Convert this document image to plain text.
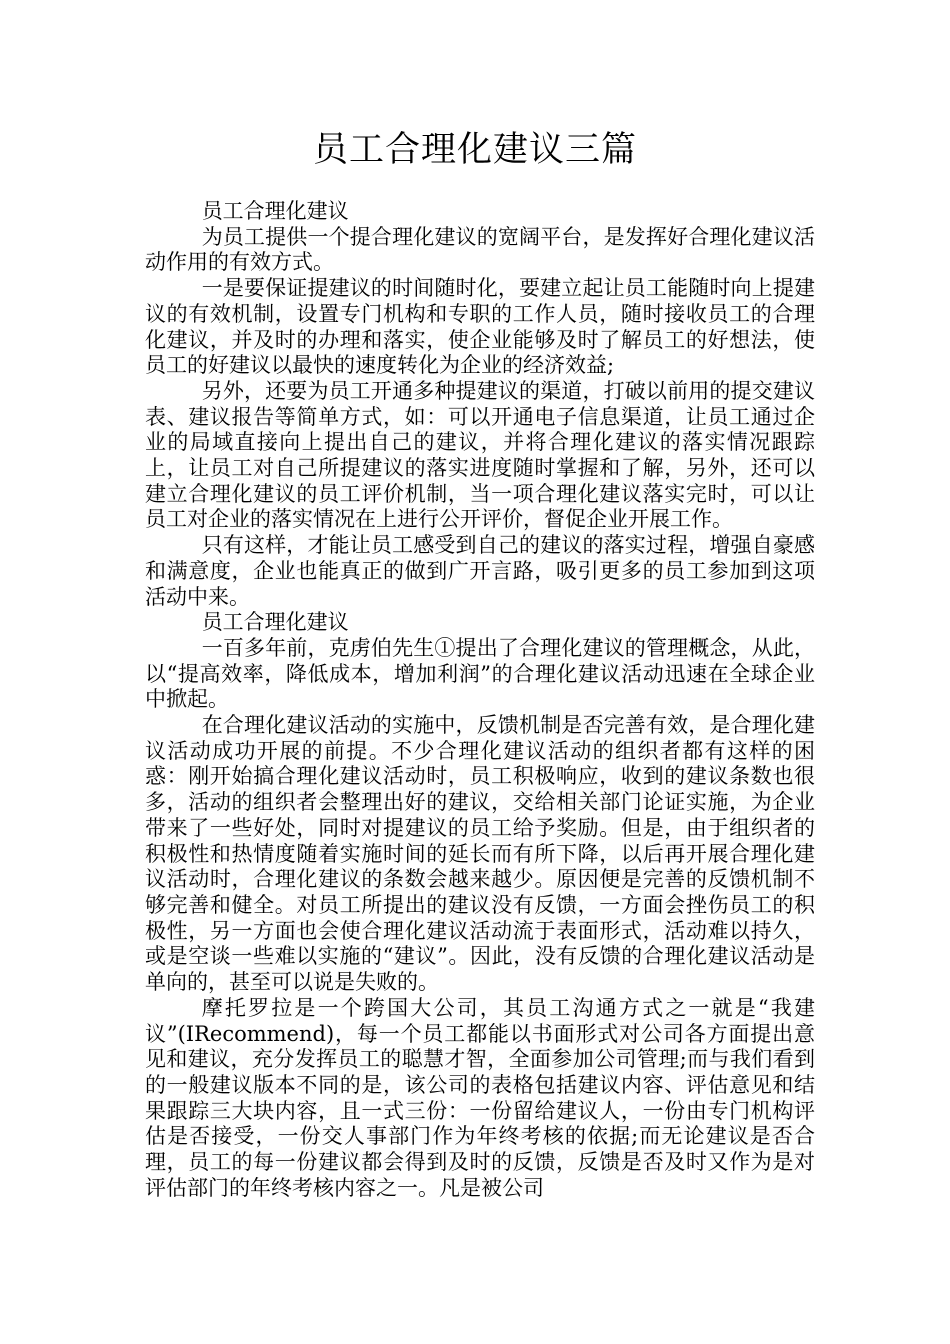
员工合理化建议三篇

员工合理化建议

为员工提供一个提合理化建议的宽阔平台，是发挥好合理化建议活动作用的有效方式。

一是要保证提建议的时间随时化，要建立起让员工能随时向上提建议的有效机制，设置专门机构和专职的工作人员，随时接收员工的合理化建议，并及时的办理和落实，使企业能够及时了解员工的好想法，使员工的好建议以最快的速度转化为企业的经济效益;

另外，还要为员工开通多种提建议的渠道，打破以前用的提交建议表、建议报告等简单方式，如：可以开通电子信息渠道，让员工通过企业的局域直接向上提出自己的建议，并将合理化建议的落实情况跟踪上，让员工对自己所提建议的落实进度随时掌握和了解，另外，还可以建立合理化建议的员工评价机制，当一项合理化建议落实完时，可以让员工对企业的落实情况在上进行公开评价，督促企业开展工作。

只有这样，才能让员工感受到自己的建议的落实过程，增强自豪感和满意度，企业也能真正的做到广开言路，吸引更多的员工参加到这项活动中来。

员工合理化建议

一百多年前，克虏伯先生①提出了合理化建议的管理概念，从此，以“提高效率，降低成本，增加利润”的合理化建议活动迅速在全球企业中掀起。

在合理化建议活动的实施中，反馈机制是否完善有效，是合理化建议活动成功开展的前提。不少合理化建议活动的组织者都有这样的困惑：刚开始搞合理化建议活动时，员工积极响应，收到的建议条数也很多，活动的组织者会整理出好的建议，交给相关部门论证实施，为企业带来了一些好处，同时对提建议的员工给予奖励。但是，由于组织者的积极性和热情度随着实施时间的延长而有所下降，以后再开展合理化建议活动时，合理化建议的条数会越来越少。原因便是完善的反馈机制不够完善和健全。对员工所提出的建议没有反馈，一方面会挫伤员工的积极性，另一方面也会使合理化建议活动流于表面形式，活动难以持久，或是空谈一些难以实施的“建议”。因此，没有反馈的合理化建议活动是单向的，甚至可以说是失败的。

摩托罗拉是一个跨国大公司，其员工沟通方式之一就是“我建议”(IRecommend)，每一个员工都能以书面形式对公司各方面提出意见和建议，充分发挥员工的聪慧才智，全面参加公司管理;而与我们看到的一般建议版本不同的是，该公司的表格包括建议内容、评估意见和结果跟踪三大块内容，且一式三份：一份留给建议人，一份由专门机构评估是否接受，一份交人事部门作为年终考核的依据;而无论建议是否合理，员工的每一份建议都会得到及时的反馈，反馈是否及时又作为是对评估部门的年终考核内容之一。凡是被公司
